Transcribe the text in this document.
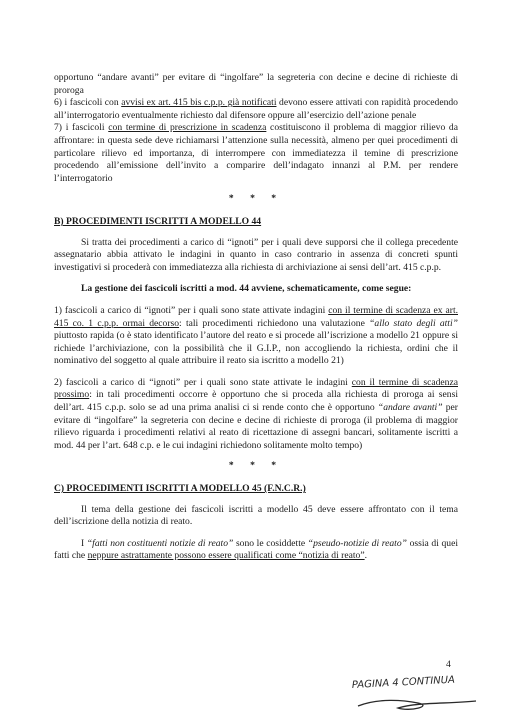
opportuno “andare avanti” per evitare di “ingolfare” la segreteria con decine e decine di richieste di proroga

6) i fascicoli con avvisi ex art. 415 bis c.p.p. già notificati devono essere attivati con rapidità procedendo all’interrogatorio eventualmente richiesto dal difensore oppure all’esercizio dell’azione penale

7) i fascicoli con termine di prescrizione in scadenza costituiscono il problema di maggior rilievo da affrontare: in questa sede deve richiamarsi l’attenzione sulla necessità, almeno per quei procedimenti di particolare rilievo ed importanza, di interrompere con immediatezza il temine di prescrizione procedendo all’emissione dell’invito a comparire dell’indagato innanzi al P.M. per rendere l’interrogatorio

* * *
B) PROCEDIMENTI ISCRITTI A MODELLO 44

Si tratta dei procedimenti a carico di “ignoti” per i quali deve supporsi che il collega precedente assegnatario abbia attivato le indagini in quanto in caso contrario in assenza di concreti spunti investigativi si procederà con immediatezza alla richiesta di archiviazione ai sensi dell’art. 415 c.p.p.

La gestione dei fascicoli iscritti a mod. 44 avviene, schematicamente, come segue:

1) fascicoli a carico di “ignoti” per i quali sono state attivate indagini con il termine di scadenza ex art. 415 co. 1 c.p.p. ormai decorso: tali procedimenti richiedono una valutazione “allo stato degli atti” piuttosto rapida (o è stato identificato l’autore del reato e si procede all’iscrizione a modello 21 oppure si richiede l’archiviazione, con la possibilità che il G.I.P., non accogliendo la richiesta, ordini che il nominativo del soggetto al quale attribuire il reato sia iscritto a modello 21)

2) fascicoli a carico di “ignoti” per i quali sono state attivate le indagini con il termine di scadenza prossimo: in tali procedimenti occorre è opportuno che si proceda alla richiesta di proroga ai sensi dell’art. 415 c.p.p. solo se ad una prima analisi ci si rende conto che è opportuno “andare avanti” per evitare di “ingolfare” la segreteria con decine e decine di richieste di proroga (il problema di maggior rilievo riguarda i procedimenti relativi al reato di ricettazione di assegni bancari, solitamente iscritti a mod. 44 per l’art. 648 c.p. e le cui indagini richiedono solitamente molto tempo)

* * *
C) PROCEDIMENTI ISCRITTI A MODELLO 45 (F.N.C.R.)

Il tema della gestione dei fascicoli iscritti a modello 45 deve essere affrontato con il tema dell’iscrizione della notizia di reato.

I “fatti non costituenti notizie di reato” sono le cosiddette “pseudo-notizie di reato” ossia di quei fatti che neppure astrattamente possono essere qualificati come “notizia di reato”.

4
PAGINA 4 CONTINUA
